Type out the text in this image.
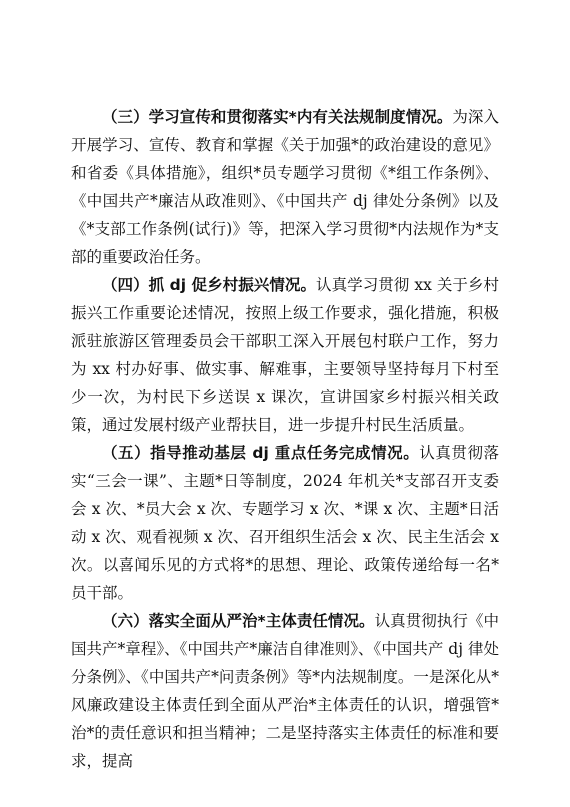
（三）学习宣传和贯彻落实*内有关法规制度情况。为深入开展学习、宣传、教育和掌握《关于加强*的政治建设的意见》 和省委《具体措施》，组织*员专题学习贯彻《*组工作条例》、《中国共产*廉洁从政准则》、《中国共产 dj 律处分条例》以及《*支部工作条例(试行)》等，把深入学习贯彻*内法规作为*支部的重要政治任务。

（四）抓 dj 促乡村振兴情况。认真学习贯彻 xx 关于乡村振兴工作重要论述情况，按照上级工作要求，强化措施，积极派驻旅游区管理委员会干部职工深入开展包村联户工作，努力为 xx 村办好事、做实事、解难事，主要领导坚持每月下村至少一次，为村民下乡送误 x 课次，宣讲国家乡村振兴相关政策，通过发展村级产业帮扶目，进一步提升村民生活质量。

（五）指导推动基层 dj 重点任务完成情况。认真贯彻落实“三会一课”、主题*日等制度，2024 年机关*支部召开支委会 x 次、*员大会 x 次、专题学习 x 次、*课 x 次、主题*日活动 x 次、观看视频 x 次、召开组织生活会 x 次、民主生活会 x 次。以喜闻乐见的方式将*的思想、理论、政策传递给每一名*员干部。

（六）落实全面从严治*主体责任情况。认真贯彻执行《中国共产*章程》、《中国共产*廉洁自律准则》、《中国共产 dj 律处分条例》、《中国共产*问责条例》等*内法规制度。一是深化从*风廉政建设主体责任到全面从严治*主体责任的认识，增强管*治*的责任意识和担当精神；二是坚持落实主体责任的标准和要求，提高
